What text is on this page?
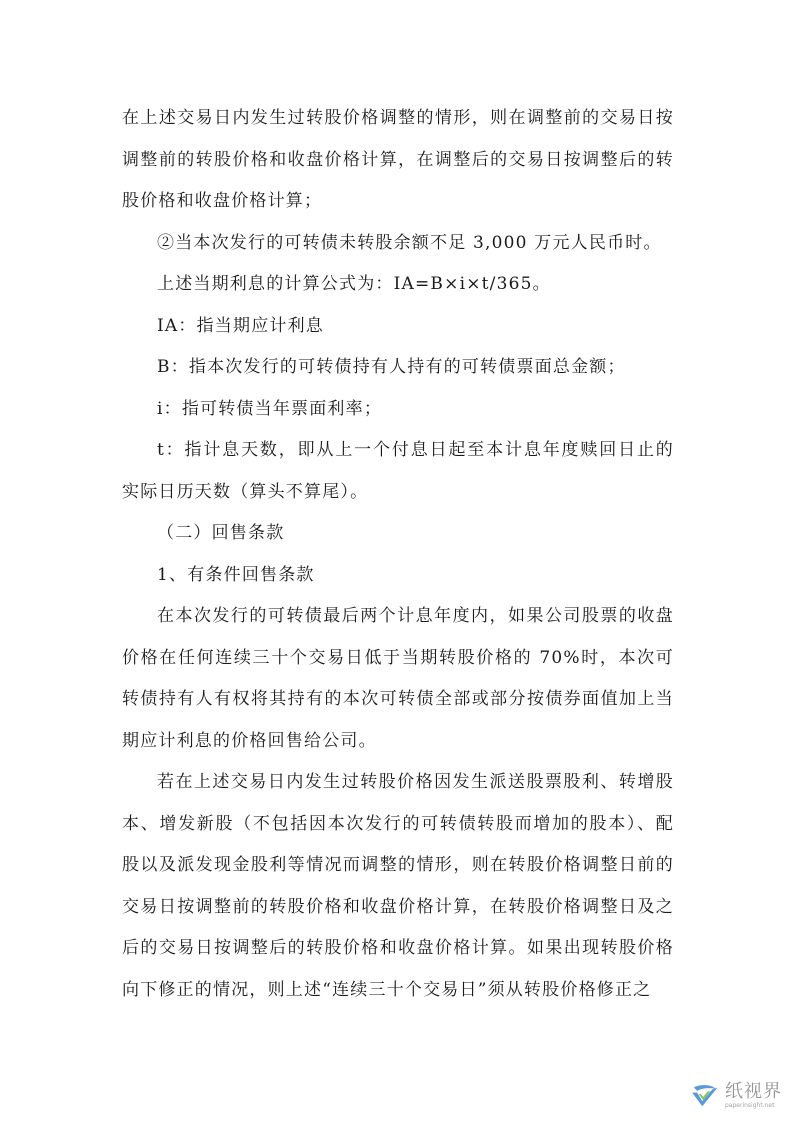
在上述交易日内发生过转股价格调整的情形，则在调整前的交易日按调整前的转股价格和收盘价格计算，在调整后的交易日按调整后的转股价格和收盘价格计算；

②当本次发行的可转债未转股余额不足 3,000 万元人民币时。

上述当期利息的计算公式为：IA=B×i×t/365。

IA：指当期应计利息

B：指本次发行的可转债持有人持有的可转债票面总金额；

i：指可转债当年票面利率；

t：指计息天数，即从上一个付息日起至本计息年度赎回日止的实际日历天数（算头不算尾）。

（二）回售条款

1、有条件回售条款

在本次发行的可转债最后两个计息年度内，如果公司股票的收盘价格在任何连续三十个交易日低于当期转股价格的 70%时，本次可转债持有人有权将其持有的本次可转债全部或部分按债券面值加上当期应计利息的价格回售给公司。

若在上述交易日内发生过转股价格因发生派送股票股利、转增股本、增发新股（不包括因本次发行的可转债转股而增加的股本）、配股以及派发现金股利等情况而调整的情形，则在转股价格调整日前的交易日按调整前的转股价格和收盘价格计算，在转股价格调整日及之后的交易日按调整后的转股价格和收盘价格计算。如果出现转股价格向下修正的情况，则上述“连续三十个交易日”须从转股价格修正之

纸视界
paperinsight.net
